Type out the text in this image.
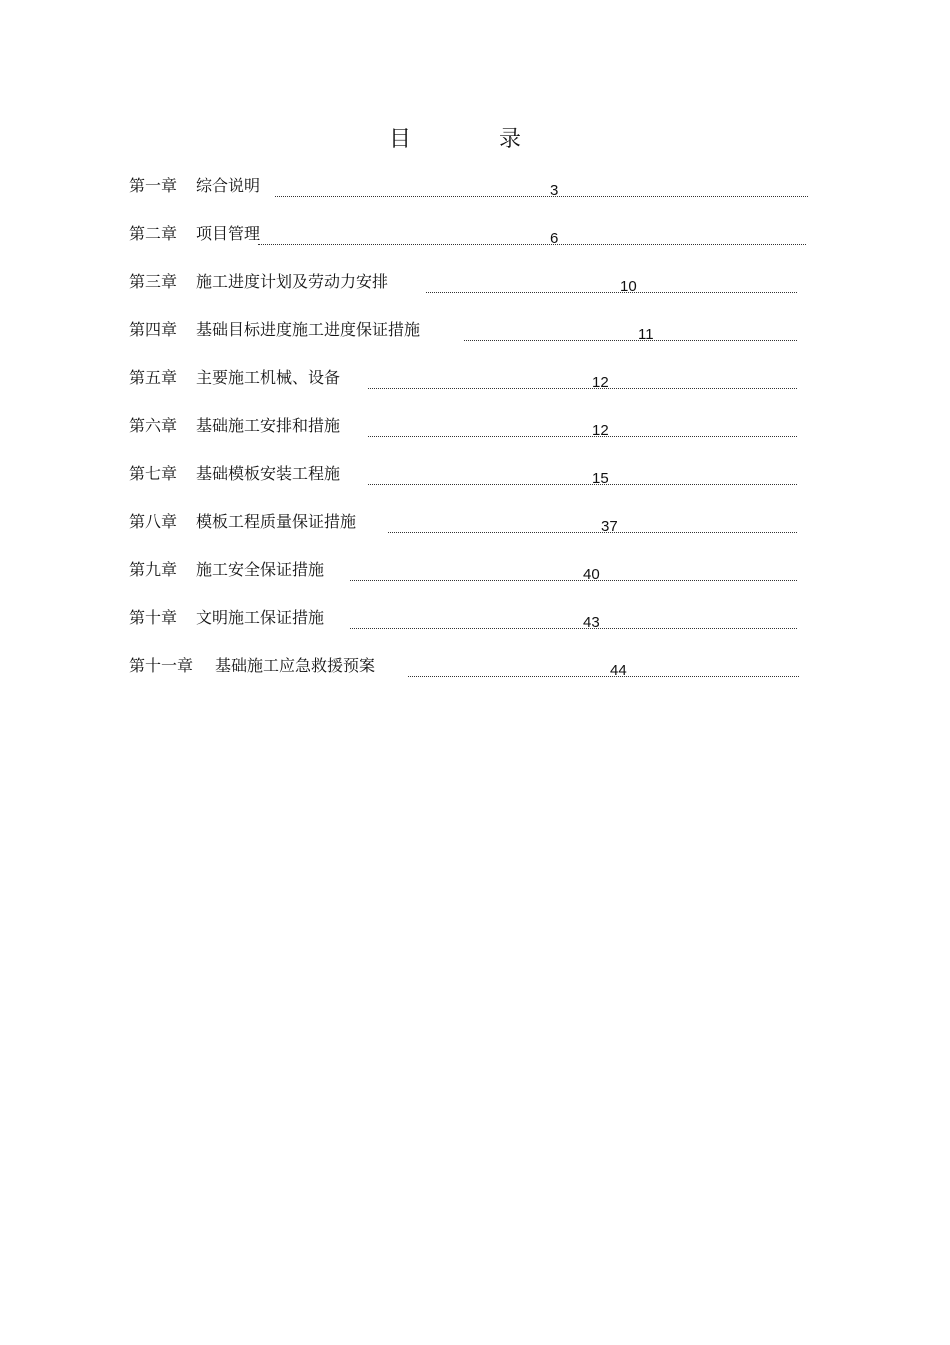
目	录
第一章 综合说明	3
第二章 项目管理	6
第三章 施工进度计划及劳动力安排	10
第四章 基础目标进度施工进度保证措施	11
第五章 主要施工机械、设备	12
第六章 基础施工安排和措施	12
第七章 基础模板安装工程施	15
第八章 模板工程质量保证措施	37
第九章 施工安全保证措施	40
第十章 文明施工保证措施	43
第十一章 基础施工应急救援预案	44
